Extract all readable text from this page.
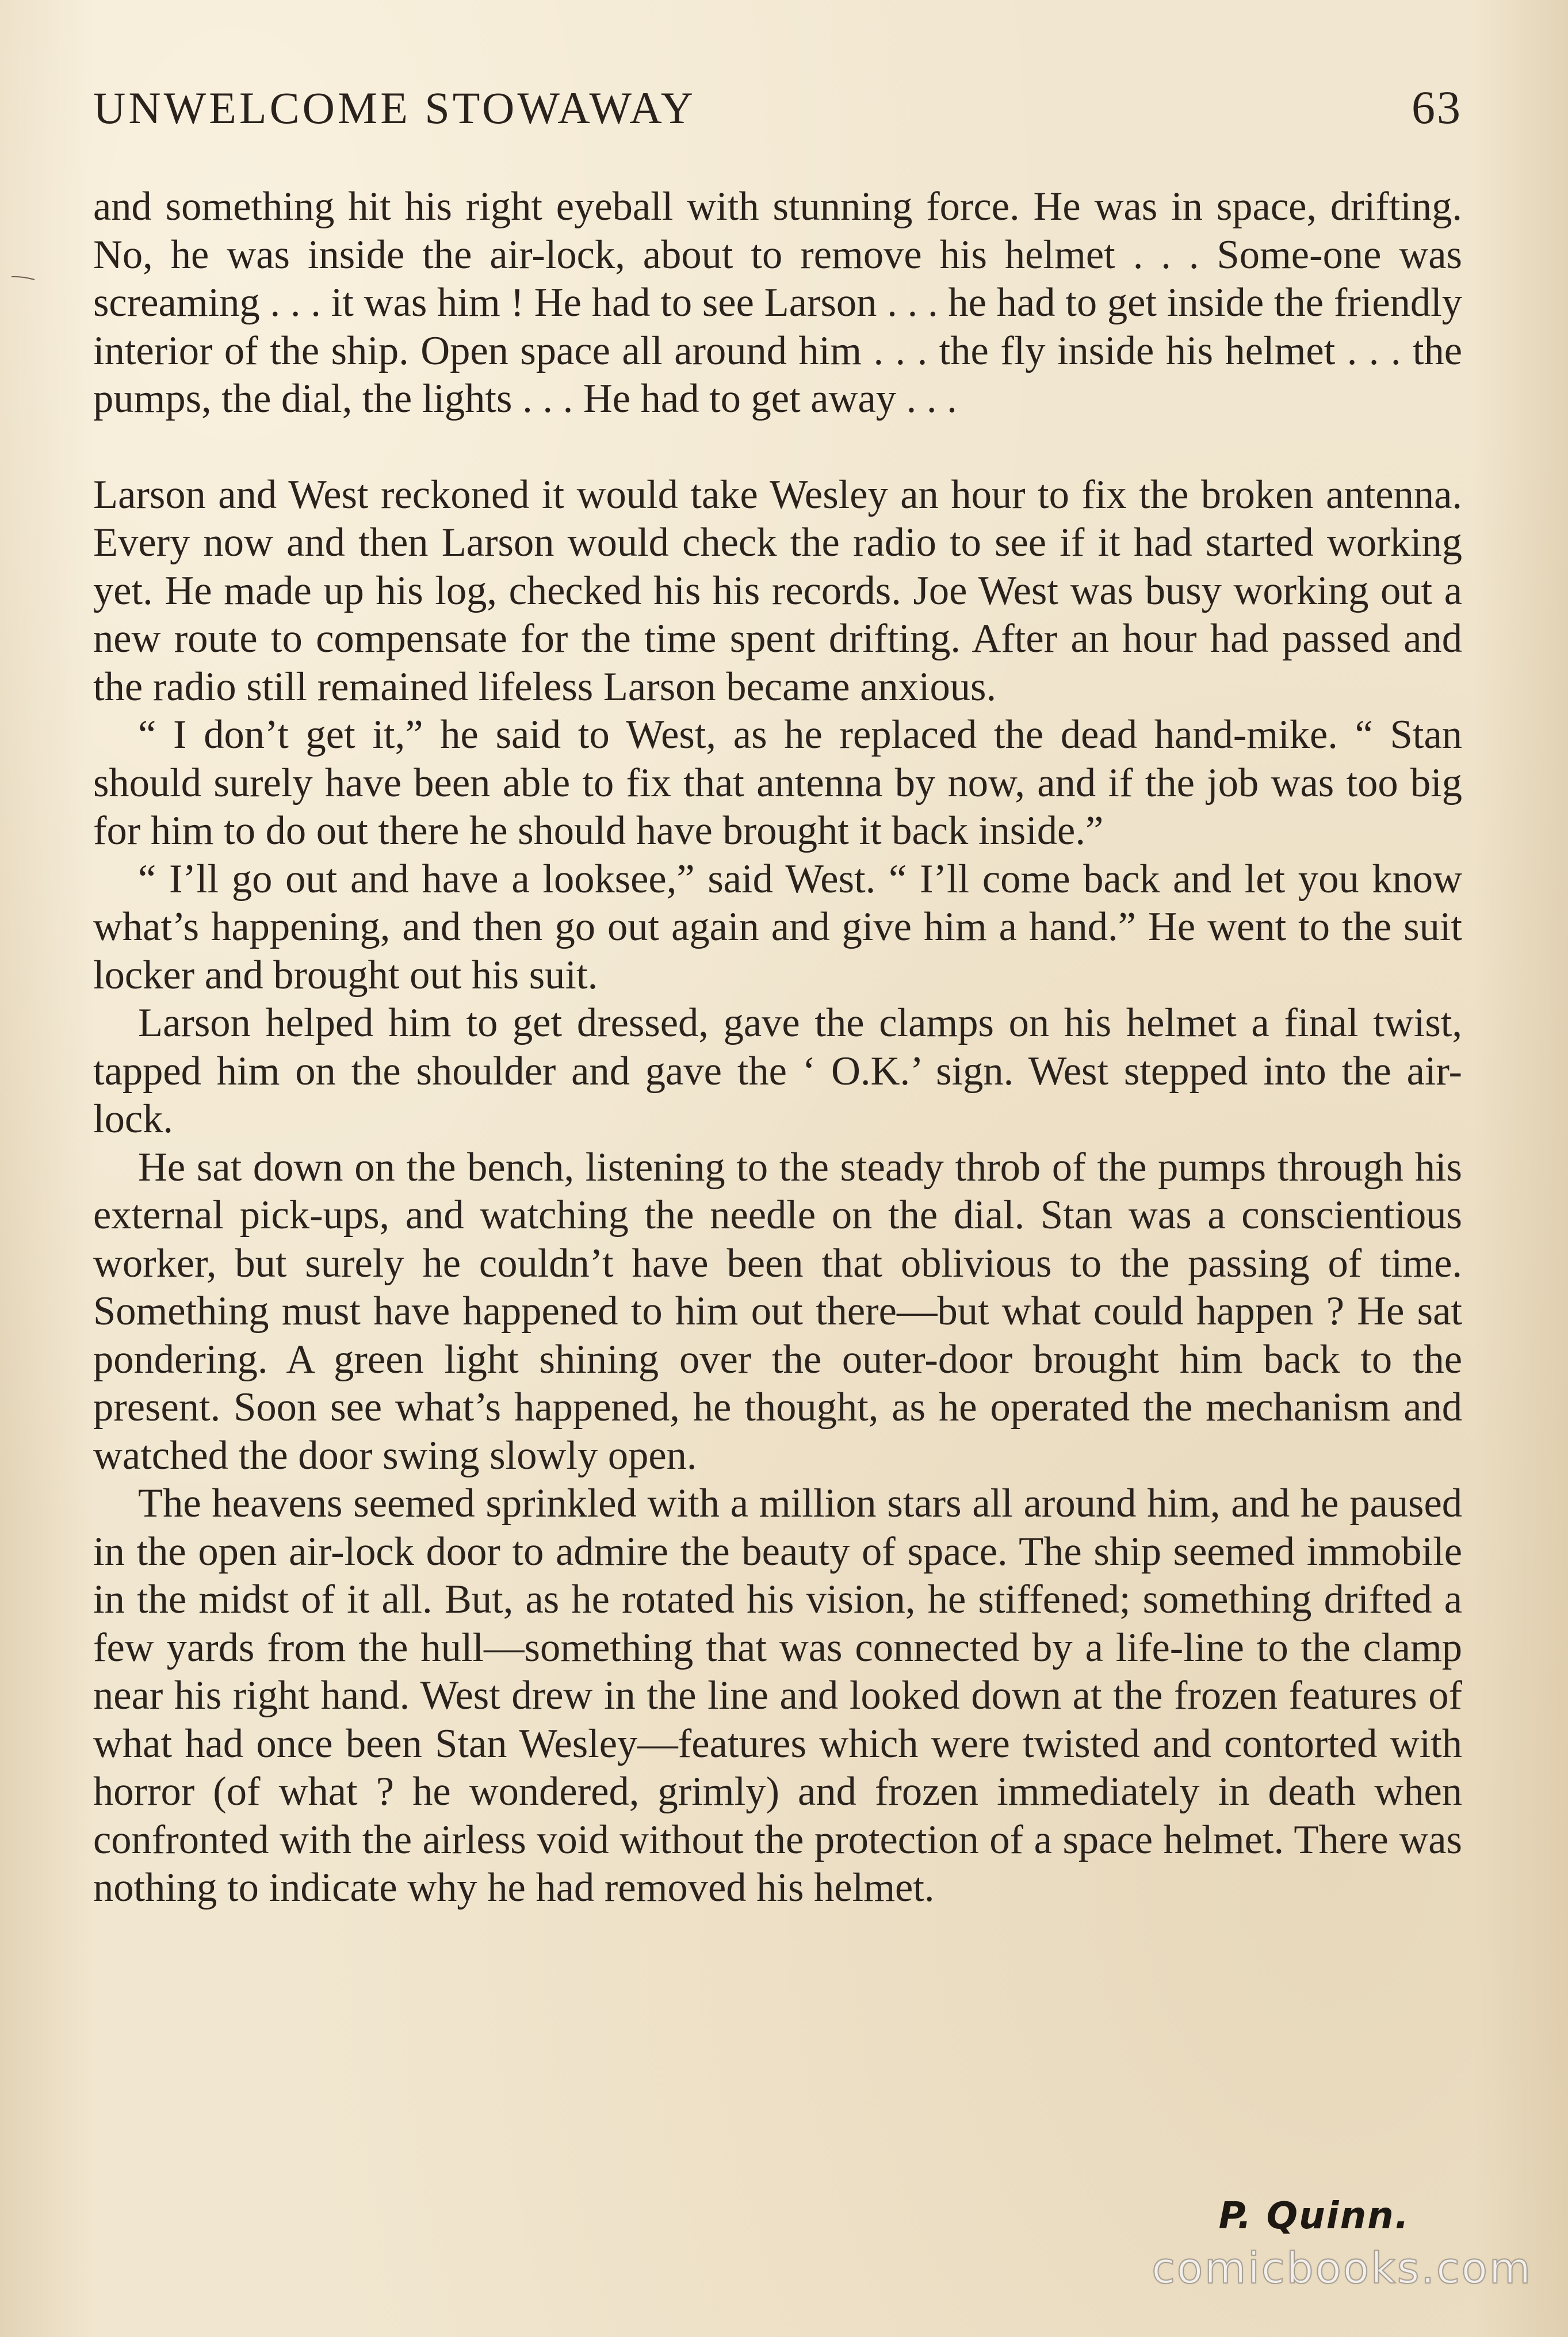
UNWELCOME STOWAWAY	63

and something hit his right eyeball with stunning force. He was in space, drifting. No, he was inside the air-lock, about to remove his helmet . . . Some-one was screaming . . . it was him ! He had to see Larson . . . he had to get inside the friendly interior of the ship. Open space all around him . . . the fly inside his helmet . . . the pumps, the dial, the lights . . . He had to get away . . .

Larson and West reckoned it would take Wesley an hour to fix the broken antenna. Every now and then Larson would check the radio to see if it had started working yet. He made up his log, checked his his records. Joe West was busy working out a new route to compensate for the time spent drifting. After an hour had passed and the radio still remained lifeless Larson became anxious.

“ I don’t get it,” he said to West, as he replaced the dead hand-mike. “ Stan should surely have been able to fix that antenna by now, and if the job was too big for him to do out there he should have brought it back inside.”

“ I’ll go out and have a looksee,” said West. “ I’ll come back and let you know what’s happening, and then go out again and give him a hand.” He went to the suit locker and brought out his suit.

Larson helped him to get dressed, gave the clamps on his helmet a final twist, tapped him on the shoulder and gave the ‘ O.K.’ sign. West stepped into the air-lock.

He sat down on the bench, listening to the steady throb of the pumps through his external pick-ups, and watching the needle on the dial. Stan was a conscientious worker, but surely he couldn’t have been that oblivious to the passing of time. Something must have happened to him out there—but what could happen ? He sat pondering. A green light shining over the outer-door brought him back to the present. Soon see what’s happened, he thought, as he operated the mechanism and watched the door swing slowly open.

The heavens seemed sprinkled with a million stars all around him, and he paused in the open air-lock door to admire the beauty of space. The ship seemed immobile in the midst of it all. But, as he rotated his vision, he stiffened; something drifted a few yards from the hull—something that was connected by a life-line to the clamp near his right hand. West drew in the line and looked down at the frozen features of what had once been Stan Wesley—features which were twisted and contorted with horror (of what ? he wondered, grimly) and frozen immediately in death when confronted with the airless void without the protection of a space helmet. There was nothing to indicate why he had removed his helmet.

P. Quinn.
comicbooks.com
